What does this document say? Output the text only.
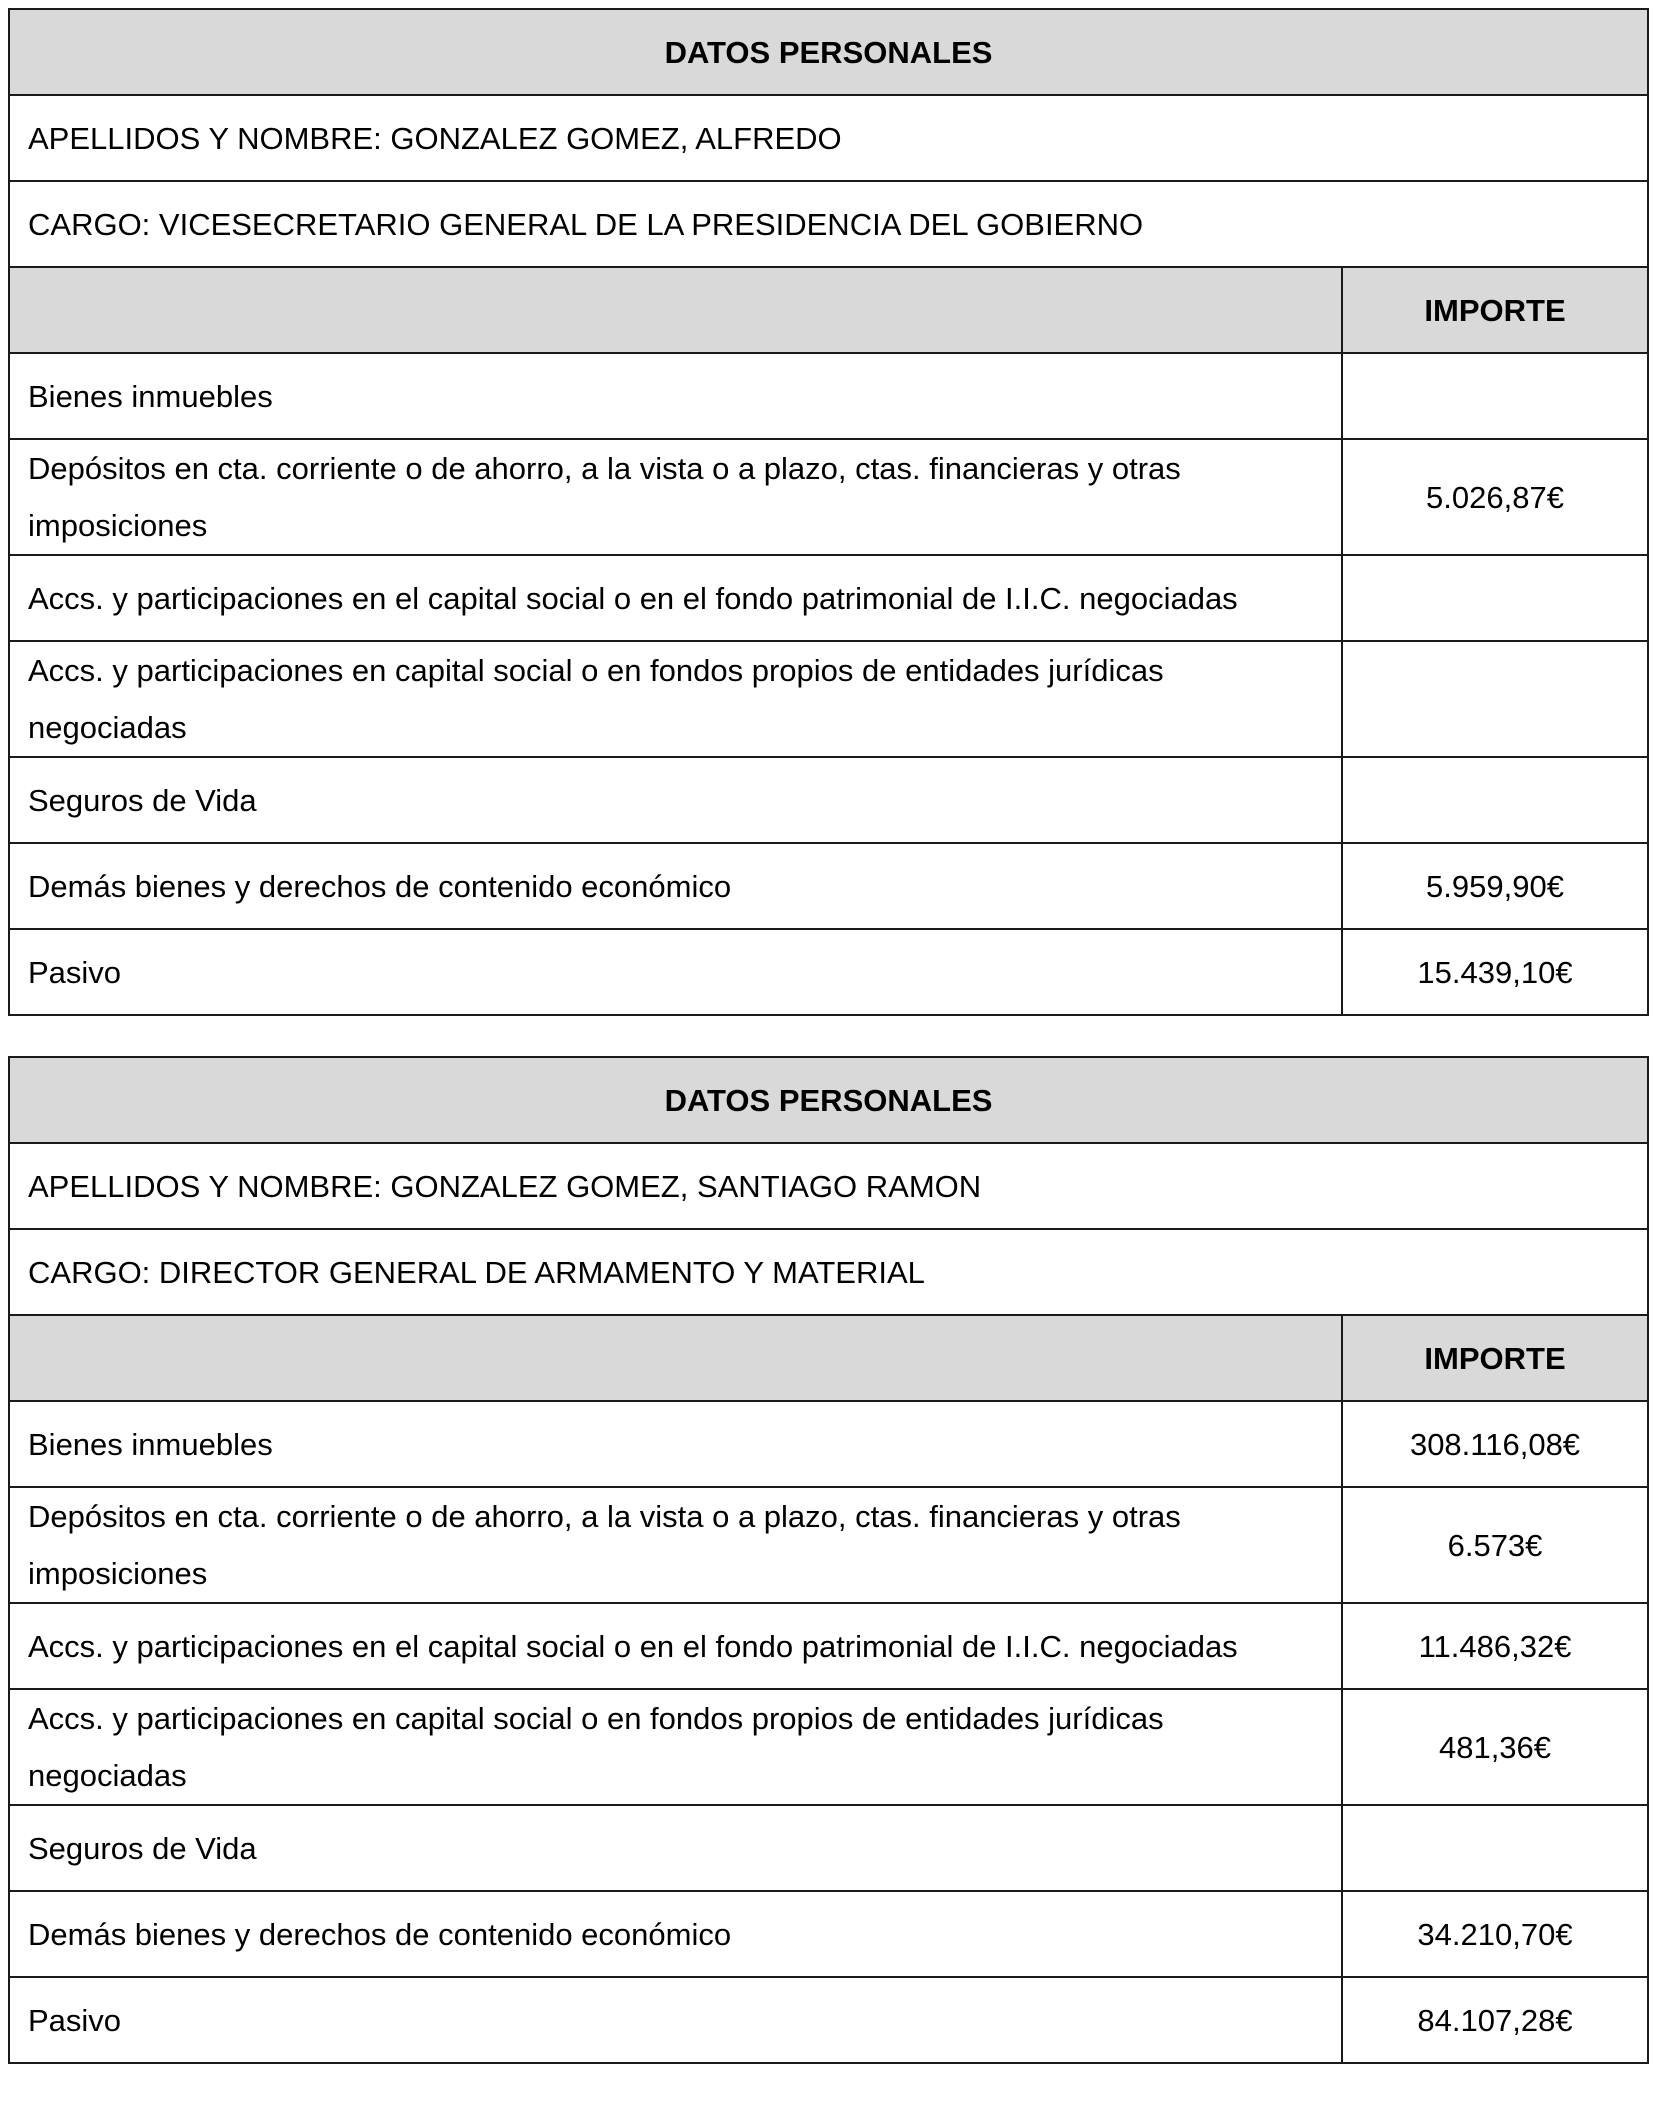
DATOS PERSONALES	
APELLIDOS Y NOMBRE: GONZALEZ GOMEZ, ALFREDO	
CARGO: VICESECRETARIO GENERAL DE LA PRESIDENCIA DEL GOBIERNO	
	IMPORTE
Bienes inmuebles	
Depósitos en cta. corriente o de ahorro, a la vista o a plazo, ctas. financieras y otras imposiciones	5.026,87€
Accs. y participaciones en el capital social o en el fondo patrimonial de I.I.C. negociadas	
Accs. y participaciones en capital social o en fondos propios de entidades jurídicas negociadas	
Seguros de Vida	
Demás bienes y derechos de contenido económico	5.959,90€
Pasivo	15.439,10€
DATOS PERSONALES	
APELLIDOS Y NOMBRE: GONZALEZ GOMEZ, SANTIAGO RAMON	
CARGO: DIRECTOR GENERAL DE ARMAMENTO Y MATERIAL	
	IMPORTE
Bienes inmuebles	308.116,08€
Depósitos en cta. corriente o de ahorro, a la vista o a plazo, ctas. financieras y otras imposiciones	6.573€
Accs. y participaciones en el capital social o en el fondo patrimonial de I.I.C. negociadas	11.486,32€
Accs. y participaciones en capital social o en fondos propios de entidades jurídicas negociadas	481,36€
Seguros de Vida	
Demás bienes y derechos de contenido económico	34.210,70€
Pasivo	84.107,28€
